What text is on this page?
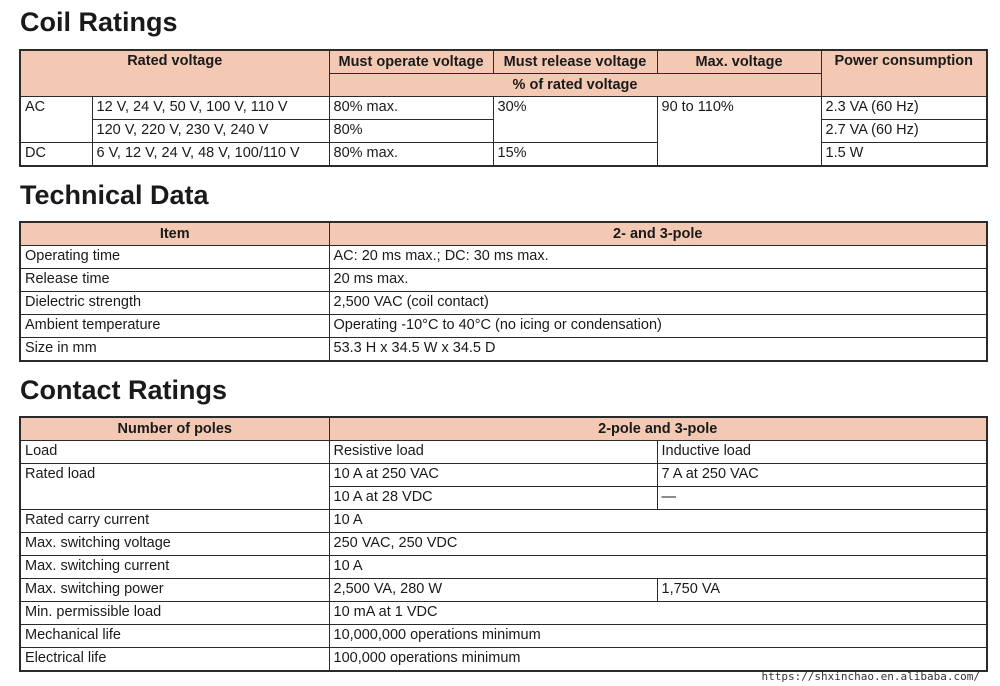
Coil Ratings
Rated voltage		Must operate voltage	Must release voltage	Max. voltage	Power consumption
		% of rated voltage			
AC	12 V, 24 V, 50 V, 100 V, 110 V	80% max.	30%	90 to 110%	2.3 VA (60 Hz)
	120 V, 220 V, 230 V, 240 V	80%			2.7 VA (60 Hz)
DC	6 V, 12 V, 24 V, 48 V, 100/110 V	80% max.	15%		1.5 W
Technical Data
Item	2- and 3-pole
Operating time	AC: 20 ms max.; DC: 30 ms max.
Release time	20 ms max.
Dielectric strength	2,500 VAC (coil contact)
Ambient temperature	Operating -10°C to 40°C (no icing or condensation)
Size in mm	53.3 H x 34.5 W x 34.5 D
Contact Ratings
Number of poles	2-pole and 3-pole	
Load	Resistive load	Inductive load
Rated load	10 A at 250 VAC	7 A at 250 VAC
	10 A at 28 VDC	—
Rated carry current	10 A	
Max. switching voltage	250 VAC, 250 VDC	
Max. switching current	10 A	
Max. switching power	2,500 VA, 280 W	1,750 VA
Min. permissible load	10 mA at 1 VDC	
Mechanical life	10,000,000 operations minimum	
Electrical life	100,000 operations minimum	
https://shxinchao.en.alibaba.com/
